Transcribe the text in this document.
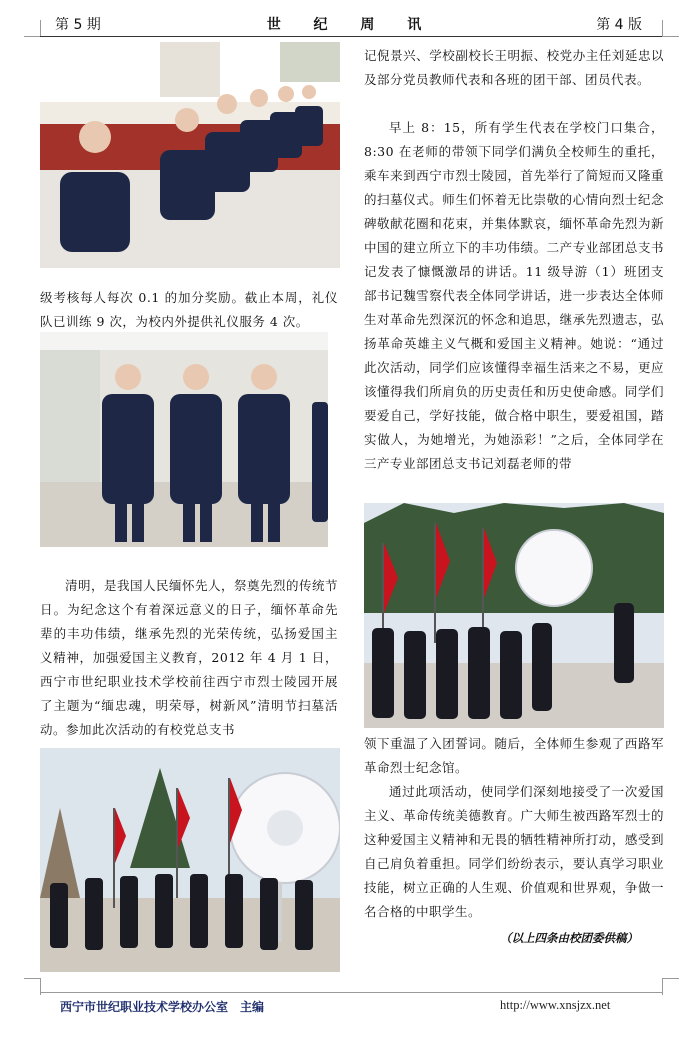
第 5 期	世 纪 周 讯	第 4 版

级考核每人每次 0.1 的加分奖励。截止本周，礼仪队已训练 9 次，为校内外提供礼仪服务 4 次。

清明，是我国人民缅怀先人，祭奠先烈的传统节日。为纪念这个有着深远意义的日子，缅怀革命先辈的丰功伟绩，继承先烈的光荣传统，弘扬爱国主义精神，加强爱国主义教育，2012 年 4 月 1 日，西宁市世纪职业技术学校前往西宁市烈士陵园开展了主题为“缅忠魂，明荣辱，树新风”清明节扫墓活动。参加此次活动的有校党总支书

记倪景兴、学校副校长王明振、校党办主任刘延忠以及部分党员教师代表和各班的团干部、团员代表。

早上 8：15，所有学生代表在学校门口集合，8:30 在老师的带领下同学们满负全校师生的重托，乘车来到西宁市烈士陵园，首先举行了简短而又隆重的扫墓仪式。师生们怀着无比崇敬的心情向烈士纪念碑敬献花圈和花束，并集体默哀，缅怀革命先烈为新中国的建立所立下的丰功伟绩。二产专业部团总支书记发表了慷慨激昂的讲话。11 级导游（1）班团支部书记魏雪察代表全体同学讲话，进一步表达全体师生对革命先烈深沉的怀念和追思，继承先烈遗志，弘扬革命英雄主义气概和爱国主义精神。她说：“通过此次活动，同学们应该懂得幸福生活来之不易，更应该懂得我们所肩负的历史责任和历史使命感。同学们要爱自己，学好技能，做合格中职生，要爱祖国，踏实做人，为她增光，为她添彩！”之后，全体同学在三产专业部团总支书记刘磊老师的带

领下重温了入团誓词。随后，全体师生参观了西路军革命烈士纪念馆。

通过此项活动，使同学们深刻地接受了一次爱国主义、革命传统美德教育。广大师生被西路军烈士的这种爱国主义精神和无畏的牺牲精神所打动，感受到自己肩负着重担。同学们纷纷表示，要认真学习职业技能，树立正确的人生观、价值观和世界观，争做一名合格的中职学生。

（以上四条由校团委供稿）
西宁市世纪职业技术学校办公室　主编	http://www.xnsjzx.net
